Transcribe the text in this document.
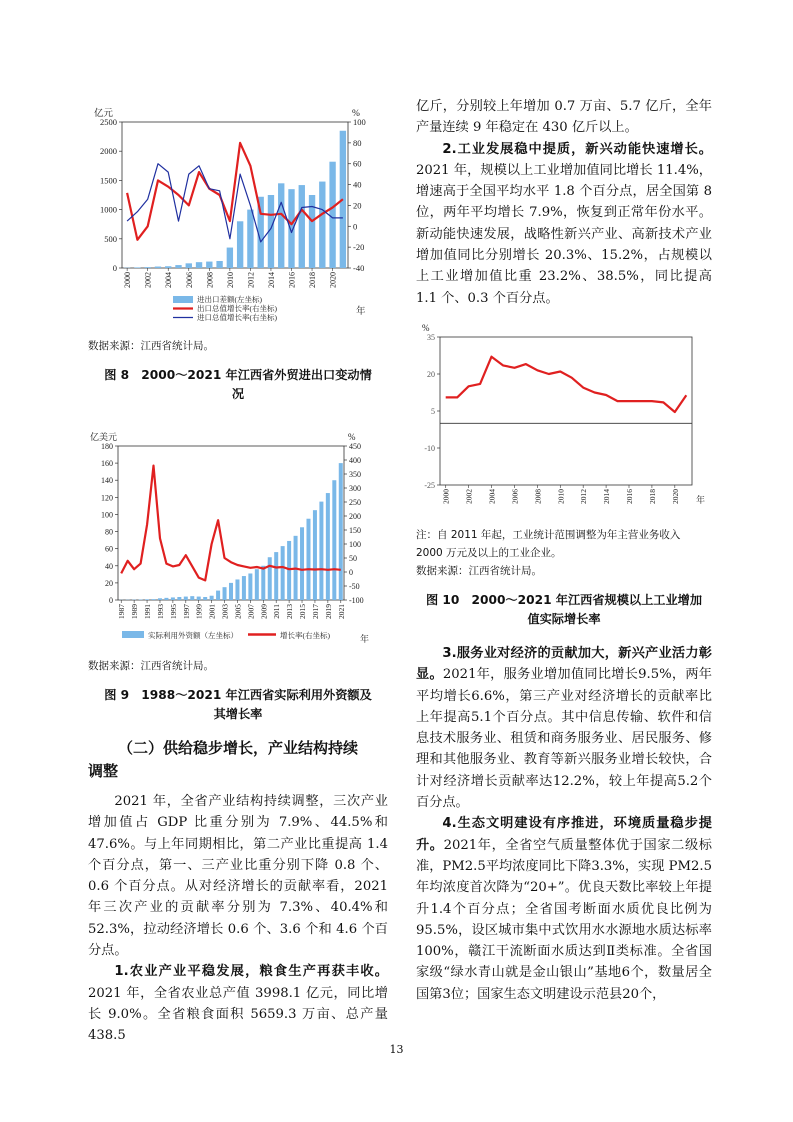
0
500
1000
1500
2000
2500
-40
-20
0
20
40
60
80
100
亿元	%
2000 2002 2004 2006 2008 2010 2012 2014 2016 2018 2020
年
进出口差额(左坐标)
出口总值增长率(右坐标)
进口总值增长率(右坐标)

数据来源：江西省统计局。

图 8　2000～2021 年江西省外贸进出口变动情

况

0
20
40
60
80
100
120
140
160
180
-100
-50
0
50
100
150
200
250
300
350
400
450
亿美元	%
1987 1989 1991 1993 1995 1997 1999 2001 2003 2005 2007 2009 2011 2013 2015 2017 2019 2021
年
实际利用外资额（左坐标）	增长率(右坐标)

数据来源：江西省统计局。

图 9　1988～2021 年江西省实际利用外资额及

其增长率

（二）供给稳步增长，产业结构持续

调整

2021 年，全省产业结构持续调整，三次产业增加值占 GDP 比重分别为 7.9%、44.5%和 47.6%。与上年同期相比，第二产业比重提高 1.4 个百分点，第一、三产业比重分别下降 0.8 个、0.6 个百分点。从对经济增长的贡献率看，2021 年三次产业的贡献率分别为 7.3%、40.4%和 52.3%，拉动经济增长 0.6 个、3.6 个和 4.6 个百分点。

1.农业产业平稳发展，粮食生产再获丰收。2021 年，全省农业总产值 3998.1 亿元，同比增长 9.0%。全省粮食面积 5659.3 万亩、总产量 438.5

亿斤，分别较上年增加 0.7 万亩、5.7 亿斤，全年产量连续 9 年稳定在 430 亿斤以上。

2.工业发展稳中提质，新兴动能快速增长。2021 年，规模以上工业增加值同比增长 11.4%，增速高于全国平均水平 1.8 个百分点，居全国第 8 位，两年平均增长 7.9%，恢复到正常年份水平。新动能快速发展，战略性新兴产业、高新技术产业增加值同比分别增长 20.3%、15.2%，占规模以上工业增加值比重 23.2%、38.5%，同比提高 1.1 个、0.3 个百分点。

-25
-10
5
20
35
%
2000 2002 2004 2006 2008 2010 2012 2014 2016 2018 2020 年

注：自 2011 年起，工业统计范围调整为年主营业务收入

2000 万元及以上的工业企业。

数据来源：江西省统计局。

图 10　2000～2021 年江西省规模以上工业增加

值实际增长率

3.服务业对经济的贡献加大，新兴产业活力彰显。2021年，服务业增加值同比增长9.5%，两年平均增长6.6%，第三产业对经济增长的贡献率比上年提高5.1个百分点。其中信息传输、软件和信息技术服务业、租赁和商务服务业、居民服务、修理和其他服务业、教育等新兴服务业增长较快，合计对经济增长贡献率达12.2%，较上年提高5.2个百分点。

4.生态文明建设有序推进，环境质量稳步提升。2021年，全省空气质量整体优于国家二级标准，PM2.5平均浓度同比下降3.3%，实现 PM2.5年均浓度首次降为“20+”。优良天数比率较上年提升1.4个百分点；全省国考断面水质优良比例为95.5%，设区城市集中式饮用水水源地水质达标率100%，赣江干流断面水质达到Ⅱ类标准。全省国家级“绿水青山就是金山银山”基地6个，数量居全国第3位；国家生态文明建设示范县20个，

13
